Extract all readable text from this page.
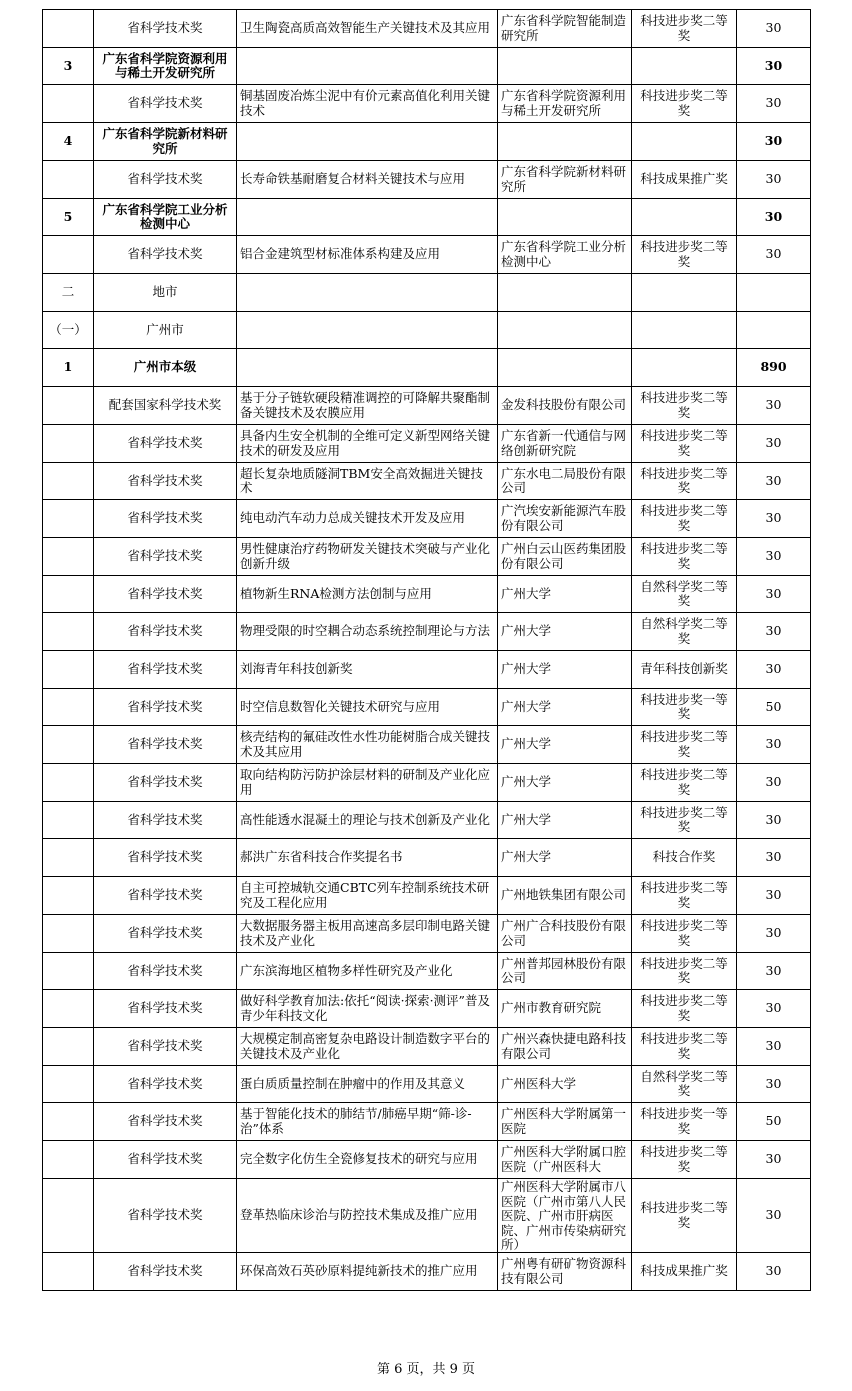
	省科学技术奖	卫生陶瓷高质高效智能生产关键技术及其应用	广东省科学院智能制造研究所	科技进步奖二等奖	30

3	广东省科学院资源利用与稀土开发研究所				30

	省科学技术奖	铜基固废冶炼尘泥中有价元素高值化利用关键技术	广东省科学院资源利用与稀土开发研究所	科技进步奖二等奖	30

4	广东省科学院新材料研究所				30

	省科学技术奖	长寿命铁基耐磨复合材料关键技术与应用	广东省科学院新材料研究所	科技成果推广奖	30

5	广东省科学院工业分析检测中心				30

	省科学技术奖	铝合金建筑型材标准体系构建及应用	广东省科学院工业分析检测中心	科技进步奖二等奖	30

二	地市				

（一）	广州市				

1	广州市本级				890

	配套国家科学技术奖	基于分子链软硬段精准调控的可降解共聚酯制备关键技术及农膜应用	金发科技股份有限公司	科技进步奖二等奖	30

	省科学技术奖	具备内生安全机制的全维可定义新型网络关键技术的研发及应用	广东省新一代通信与网络创新研究院	科技进步奖二等奖	30

	省科学技术奖	超长复杂地质隧洞TBM安全高效掘进关键技术	广东水电二局股份有限公司	科技进步奖二等奖	30

	省科学技术奖	纯电动汽车动力总成关键技术开发及应用	广汽埃安新能源汽车股份有限公司	科技进步奖二等奖	30

	省科学技术奖	男性健康治疗药物研发关键技术突破与产业化创新升级	广州白云山医药集团股份有限公司	科技进步奖二等奖	30

	省科学技术奖	植物新生RNA检测方法创制与应用	广州大学	自然科学奖二等奖	30

	省科学技术奖	物理受限的时空耦合动态系统控制理论与方法	广州大学	自然科学奖二等奖	30

	省科学技术奖	刘海青年科技创新奖	广州大学	青年科技创新奖	30

	省科学技术奖	时空信息数智化关键技术研究与应用	广州大学	科技进步奖一等奖	50

	省科学技术奖	核壳结构的氟硅改性水性功能树脂合成关键技术及其应用	广州大学	科技进步奖二等奖	30

	省科学技术奖	取向结构防污防护涂层材料的研制及产业化应用	广州大学	科技进步奖二等奖	30

	省科学技术奖	高性能透水混凝土的理论与技术创新及产业化	广州大学	科技进步奖二等奖	30

	省科学技术奖	郝洪广东省科技合作奖提名书	广州大学	科技合作奖	30

	省科学技术奖	自主可控城轨交通CBTC列车控制系统技术研究及工程化应用	广州地铁集团有限公司	科技进步奖二等奖	30

	省科学技术奖	大数据服务器主板用高速高多层印制电路关键技术及产业化	广州广合科技股份有限公司	科技进步奖二等奖	30

	省科学技术奖	广东滨海地区植物多样性研究及产业化	广州普邦园林股份有限公司	科技进步奖二等奖	30

	省科学技术奖	做好科学教育加法:依托“阅读·探索·测评”普及青少年科技文化	广州市教育研究院	科技进步奖二等奖	30

	省科学技术奖	大规模定制高密复杂电路设计制造数字平台的关键技术及产业化	广州兴森快捷电路科技有限公司	科技进步奖二等奖	30

	省科学技术奖	蛋白质质量控制在肿瘤中的作用及其意义	广州医科大学	自然科学奖二等奖	30

	省科学技术奖	基于智能化技术的肺结节/肺癌早期“筛-诊-治”体系	广州医科大学附属第一医院	科技进步奖一等奖	50

	省科学技术奖	完全数字化仿生全瓷修复技术的研究与应用	广州医科大学附属口腔医院（广州医科大	科技进步奖二等奖	30

	省科学技术奖	登革热临床诊治与防控技术集成及推广应用	广州医科大学附属市八医院（广州市第八人民医院、广州市肝病医院、广州市传染病研究所）	科技进步奖二等奖	30

	省科学技术奖	环保高效石英砂原料提纯新技术的推广应用	广州粤有研矿物资源科技有限公司	科技成果推广奖	30
第 6 页，共 9 页
